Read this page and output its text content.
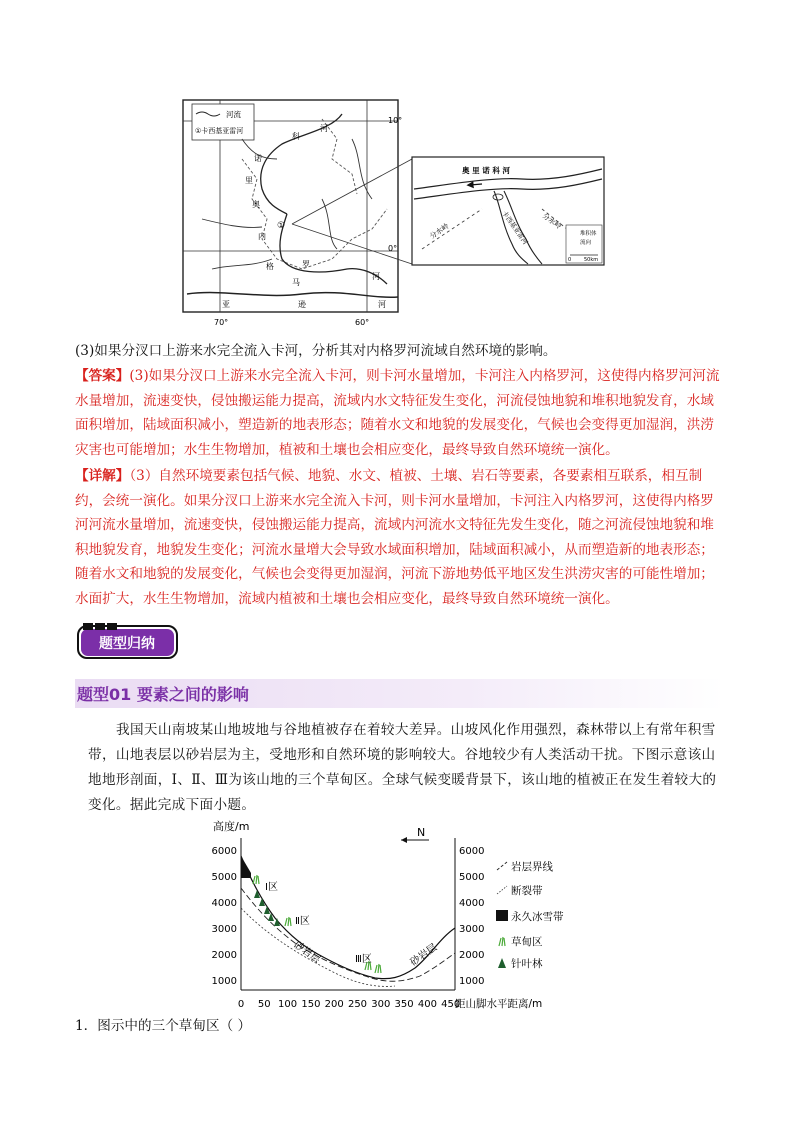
河流
①卡西基亚雷河
科
河
诺
里
奥
内
格	罗
河
亚
马
逊	河
①
10°
0°
70°	60°
奥 里 诺 科 河
分水岭
分水岭
卡西基亚雷河	堆积体
流向
0	50km
(3)如果分汊口上游来水完全流入卡河，分析其对内格罗河流域自然环境的影响。
【答案】(3)如果分汊口上游来水完全流入卡河，则卡河水量增加，卡河注入内格罗河，这使得内格罗河河流水量增加，流速变快，侵蚀搬运能力提高，流域内水文特征发生变化，河流侵蚀地貌和堆积地貌发育，水域面积增加，陆域面积减小，塑造新的地表形态；随着水文和地貌的发展变化，气候也会变得更加湿润，洪涝灾害也可能增加；水生生物增加，植被和土壤也会相应变化，最终导致自然环境统一演化。
【详解】（3）自然环境要素包括气候、地貌、水文、植被、土壤、岩石等要素，各要素相互联系，相互制约，会统一演化。如果分汊口上游来水完全流入卡河，则卡河水量增加，卡河注入内格罗河，这使得内格罗河河流水量增加，流速变快，侵蚀搬运能力提高，流域内河流水文特征先发生变化，随之河流侵蚀地貌和堆积地貌发育，地貌发生变化；河流水量增大会导致水域面积增加，陆域面积减小，从而塑造新的地表形态；随着水文和地貌的发展变化，气候也会变得更加湿润，河流下游地势低平地区发生洪涝灾害的可能性增加；水面扩大，水生生物增加，流域内植被和土壤也会相应变化，最终导致自然环境统一演化。
题型归纳
题型01 要素之间的影响
我国天山南坡某山地坡地与谷地植被存在着较大差异。山坡风化作用强烈，森林带以上有常年积雪带，山地表层以砂岩层为主，受地形和自然环境的影响较大。谷地较少有人类活动干扰。下图示意该山地地形剖面，Ⅰ、Ⅱ、Ⅲ为该山地的三个草甸区。全球气候变暖背景下，该山地的植被正在发生着较大的变化。据此完成下面小题。
高度/m
6000
5000
4000
3000
2000
1000
6000
5000
4000
3000
2000
1000
0 50 100 150 200 250 300 350 400 450
距山脚水平距离/m
N
Ⅰ区
Ⅱ区
Ⅲ区
砂岩层	砂岩层
岩层界线
断裂带
永久冰雪带
草甸区
针叶林
1．图示中的三个草甸区（ ）
